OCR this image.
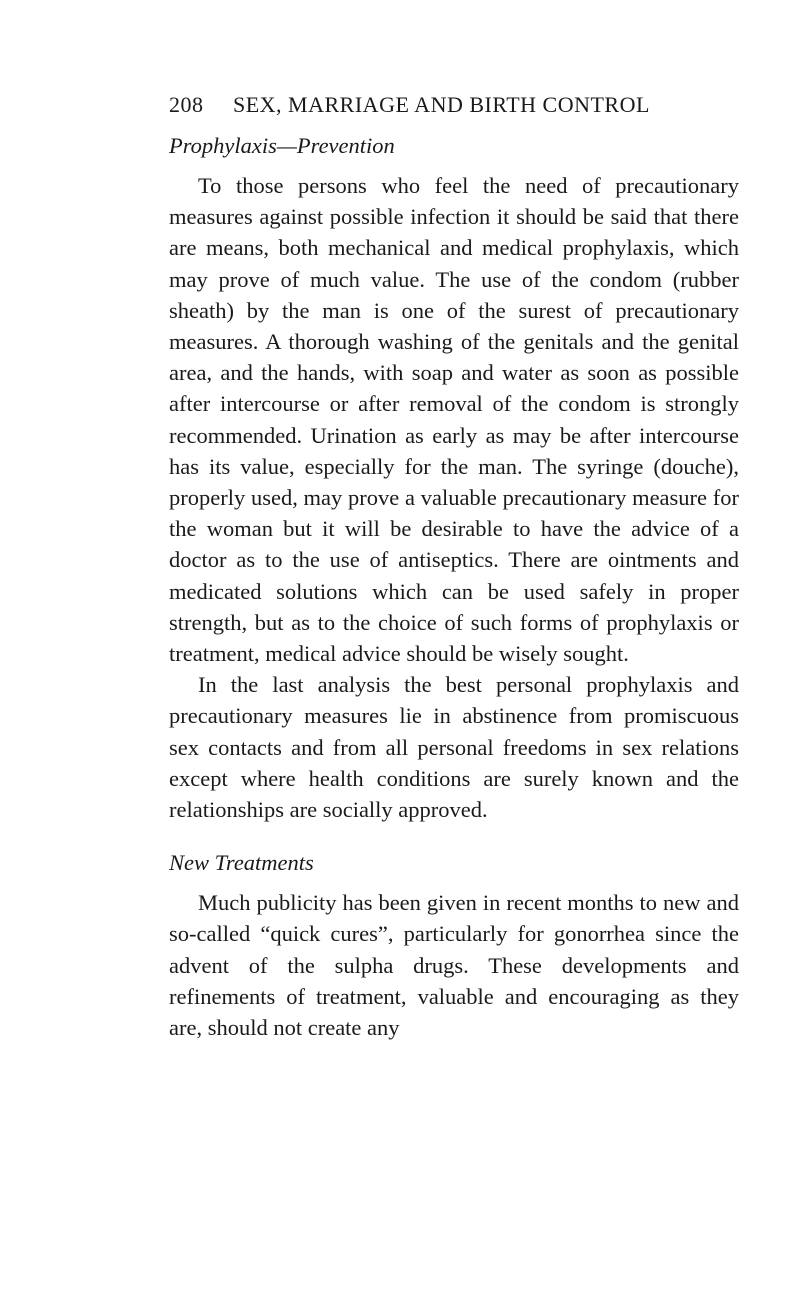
208	SEX, MARRIAGE AND BIRTH CONTROL
Prophylaxis—Prevention

To those persons who feel the need of precautionary measures against possible infection it should be said that there are means, both mechanical and medical prophylaxis, which may prove of much value. The use of the condom (rubber sheath) by the man is one of the surest of precautionary measures. A thorough washing of the genitals and the genital area, and the hands, with soap and water as soon as possible after intercourse or after removal of the condom is strongly recommended. Urination as early as may be after intercourse has its value, especially for the man. The syringe (douche), properly used, may prove a valuable precautionary measure for the woman but it will be desirable to have the advice of a doctor as to the use of antiseptics. There are ointments and medicated solutions which can be used safely in proper strength, but as to the choice of such forms of prophylaxis or treatment, medical advice should be wisely sought.

In the last analysis the best personal prophylaxis and precautionary measures lie in abstinence from promiscuous sex contacts and from all personal freedoms in sex relations except where health conditions are surely known and the relationships are socially approved.

New Treatments

Much publicity has been given in recent months to new and so-called “quick cures”, particularly for gonorrhea since the advent of the sulpha drugs. These developments and refinements of treatment, valuable and encouraging as they are, should not create any
